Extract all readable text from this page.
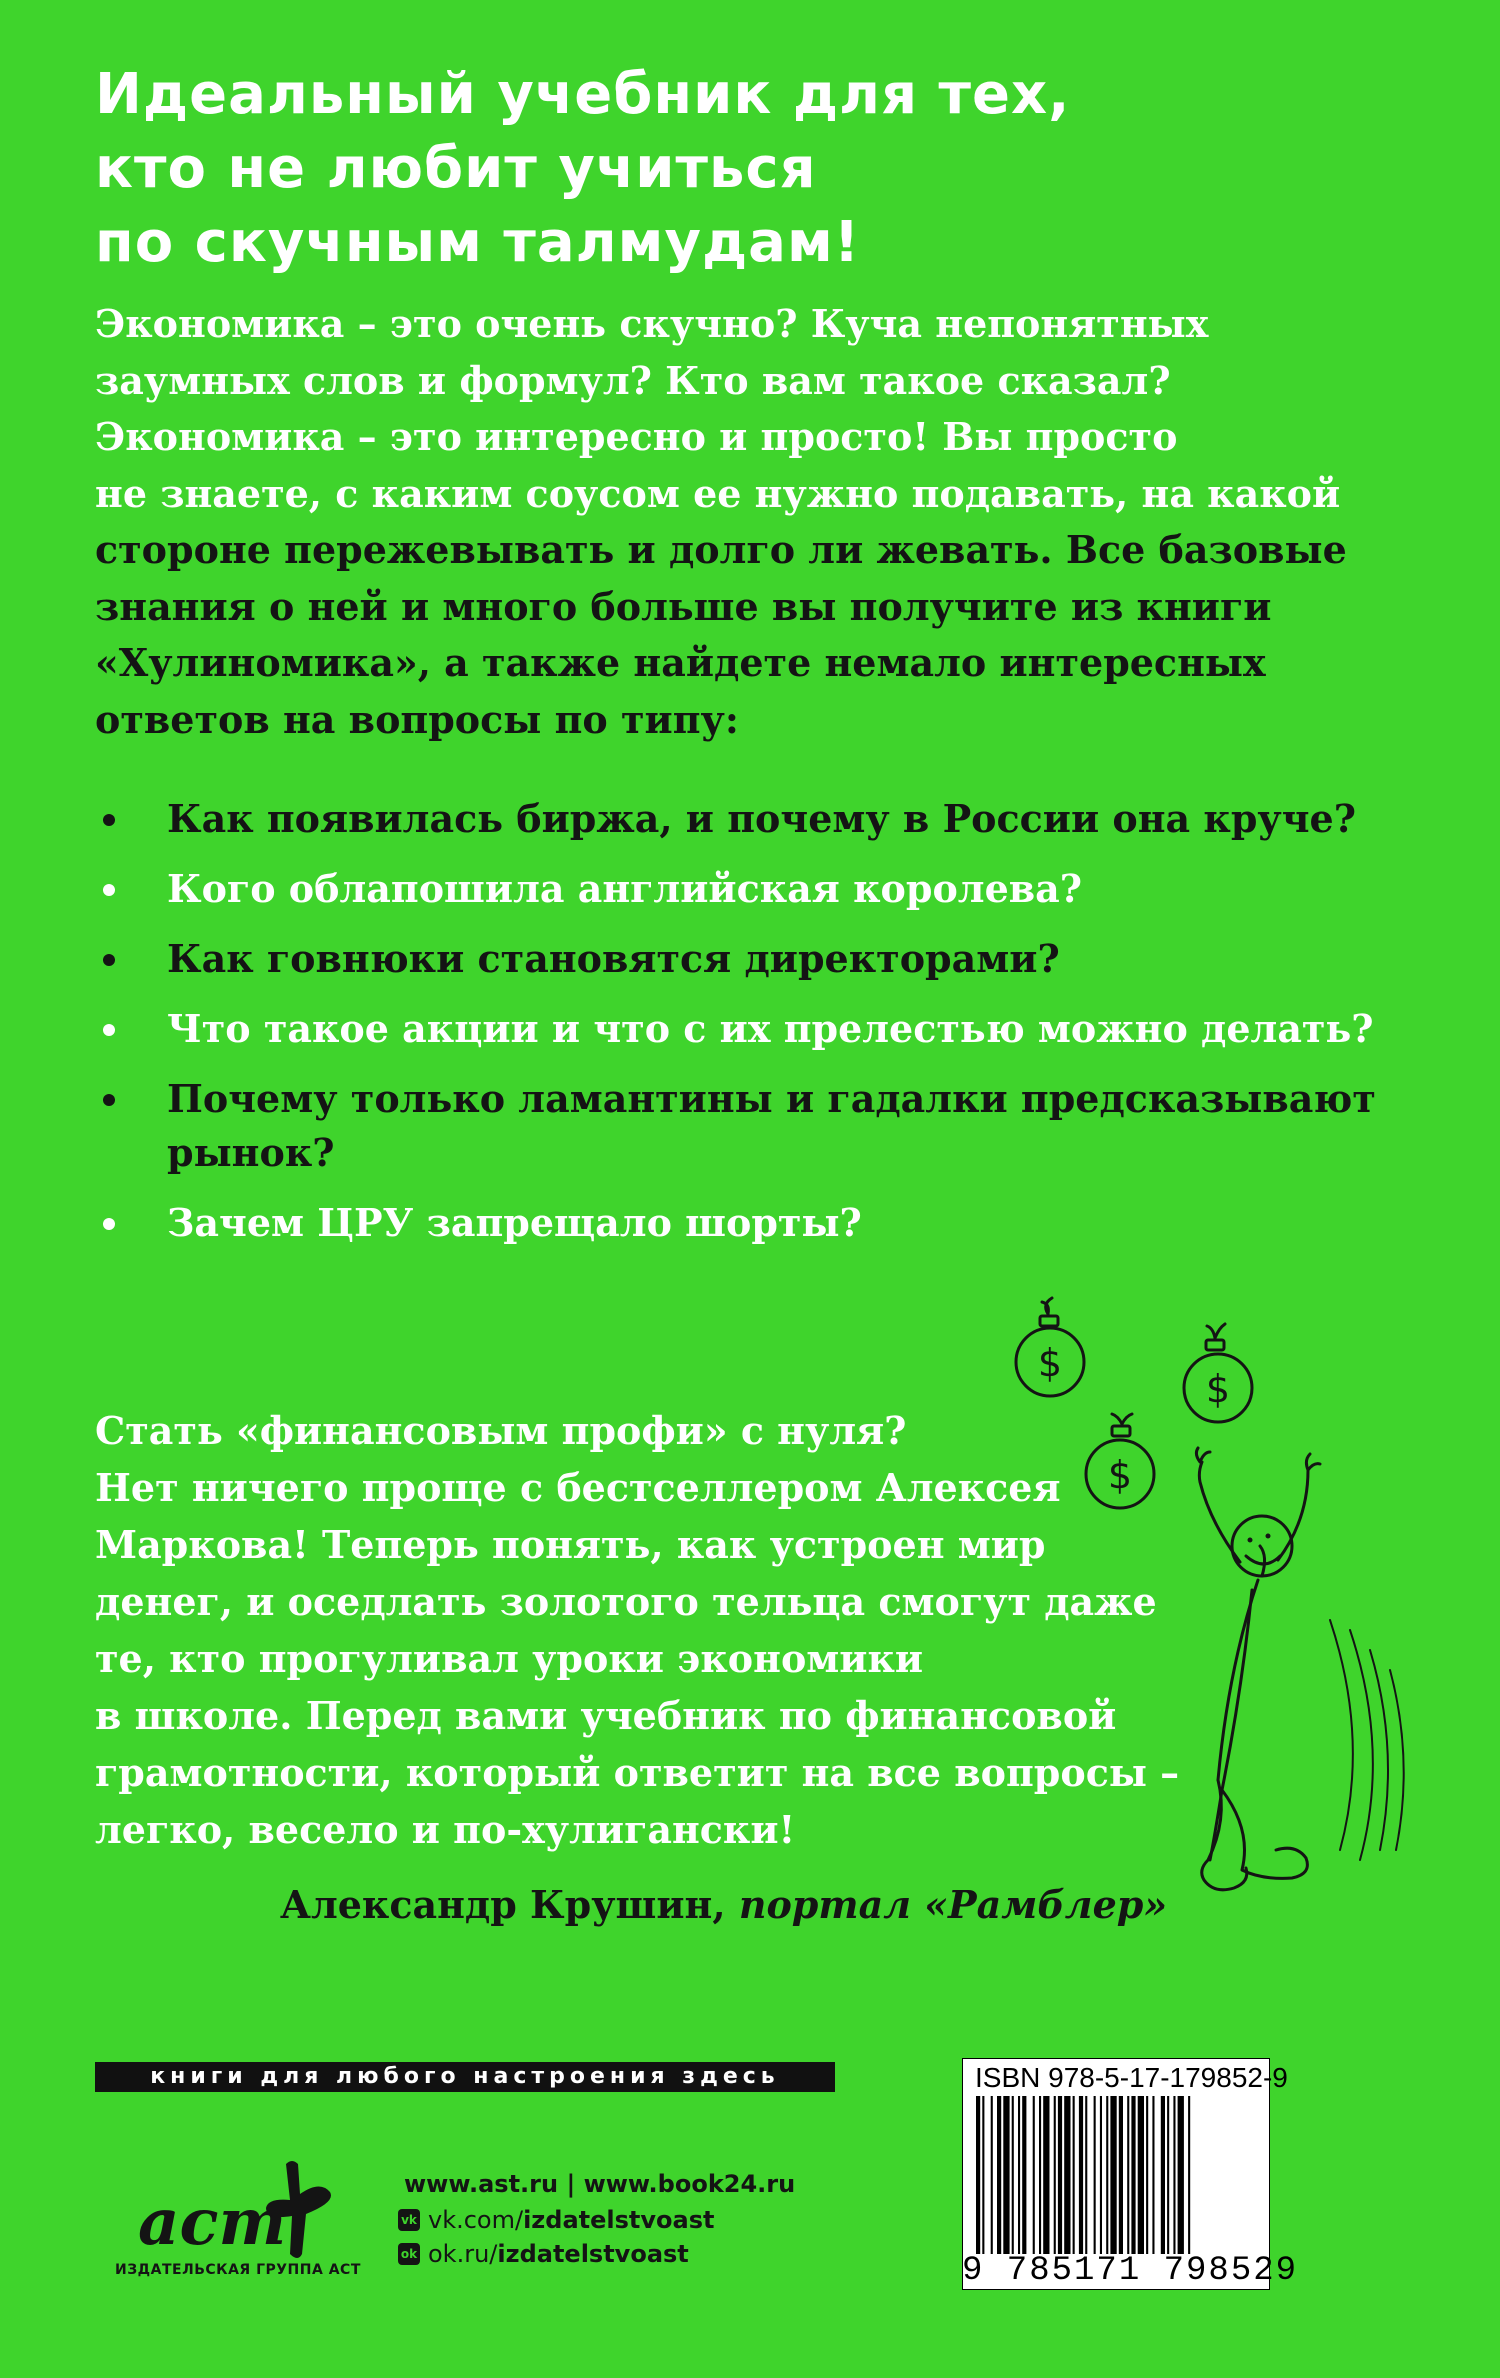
Идеальный учебник для тех,
кто не любит учиться
по скучным талмудам!
Экономика – это очень скучно? Куча непонятных
заумных слов и формул? Кто вам такое сказал?
Экономика – это интересно и просто! Вы просто
не знаете, с каким соусом ее нужно подавать, на какой
стороне пережевывать и долго ли жевать. Все базовые
знания о ней и много больше вы получите из книги
«Хулиномика», а также найдете немало интересных
ответов на вопросы по типу:
Как появилась биржа, и почему в России она круче?
Кого облапошила английская королева?
Как говнюки становятся директорами?
Что такое акции и что с их прелестью можно делать?
Почему только ламантины и гадалки предсказывают рынок?
Зачем ЦРУ запрещало шорты?
Стать «финансовым профи» с нуля?
Нет ничего проще с бестселлером Алексея
Маркова! Теперь понять, как устроен мир
денег, и оседлать золотого тельца смогут даже
те, кто прогуливал уроки экономики
в школе. Перед вами учебник по финансовой
грамотности, который ответит на все вопросы –
легко, весело и по-хулигански!
Александр Крушин, портал «Рамблер»
$
$
$
книги для любого настроения здесь
аст
ИЗДАТЕЛЬСКАЯ ГРУППА АСТ
www.ast.ru | www.book24.ru
vk vk.com/ izdatelstvoast
ok ok.ru/ izdatelstvoast
ISBN 978-5-17-179852-9
9 785171 798529
